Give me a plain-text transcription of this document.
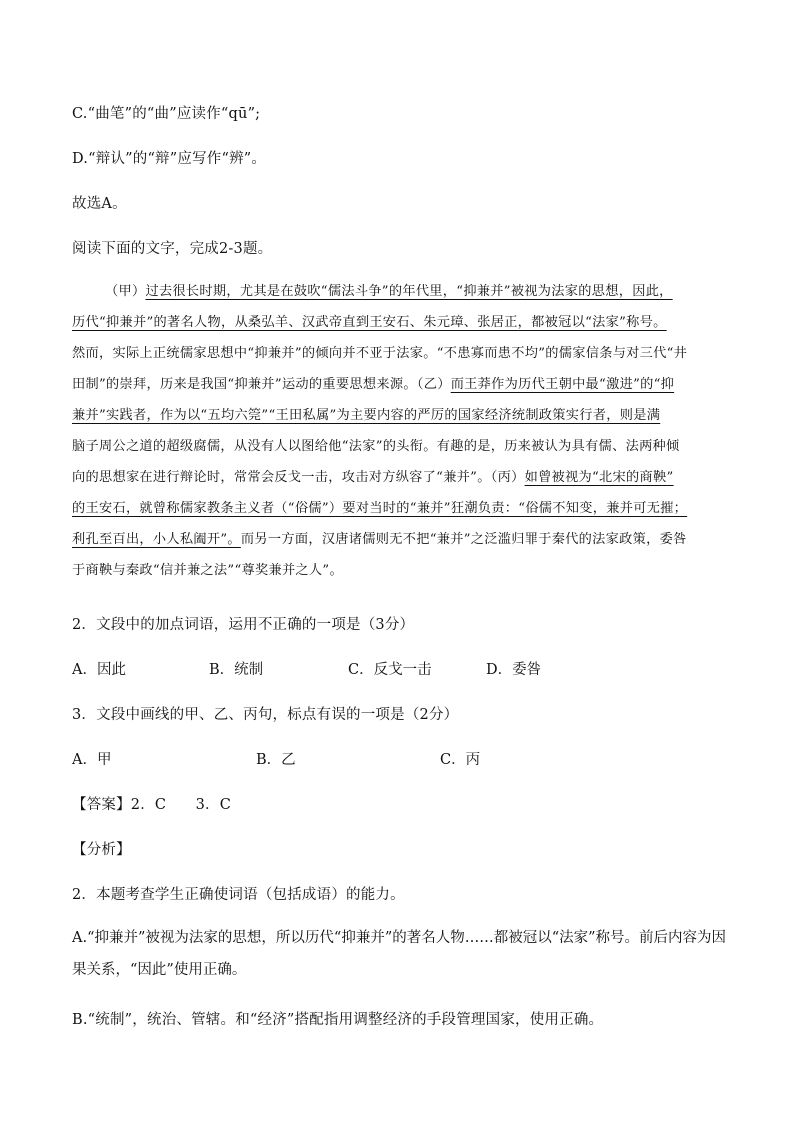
C.“曲笔”的“曲”应读作“qū”;
D.“辩认”的“辩”应写作“辨”。
故选A。
阅读下面的文字，完成2-3题。
（甲）过去很长时期，尤其是在鼓吹“儒法斗争”的年代里，“抑兼并”被视为法家的思想，因此，
历代“抑兼并”的著名人物，从桑弘羊、汉武帝直到王安石、朱元璋、张居正，都被冠以“法家”称号。
然而，实际上正统儒家思想中“抑兼并”的倾向并不亚于法家。“不患寡而患不均”的儒家信条与对三代“井
田制”的崇拜，历来是我国“抑兼并”运动的重要思想来源。（乙）而王莽作为历代王朝中最“激进”的“抑
兼并”实践者，作为以“五均六筦”“王田私属”为主要内容的严厉的国家经济统制政策实行者，则是满
脑子周公之道的超级腐儒，从没有人以图给他“法家”的头衔。有趣的是，历来被认为具有儒、法两种倾
向的思想家在进行辩论时，常常会反戈一击，攻击对方纵容了“兼并”。（丙）如曾被视为“北宋的商鞅”
的王安石，就曾称儒家教条主义者（“俗儒”）要对当时的“兼并”狂潮负责：“俗儒不知变，兼并可无摧；
利孔至百出，小人私阖开”。而另一方面，汉唐诸儒则无不把“兼并”之泛滥归罪于秦代的法家政策，委咎
于商鞅与秦政“信并兼之法”“尊奖兼并之人”。
2．文段中的加点词语，运用不正确的一项是（3分）
A．因此	B．统制	C．反戈一击	D．委咎
3．文段中画线的甲、乙、丙句，标点有误的一项是（2分）
A．甲	B．乙	C．丙
【答案】2．C　　3．C
【分析】
2．本题考查学生正确使词语（包括成语）的能力。
A.“抑兼并”被视为法家的思想，所以历代“抑兼并”的著名人物……都被冠以“法家”称号。前后内容为因果关系，“因此”使用正确。
B.“统制”，统治、管辖。和“经济”搭配指用调整经济的手段管理国家，使用正确。
